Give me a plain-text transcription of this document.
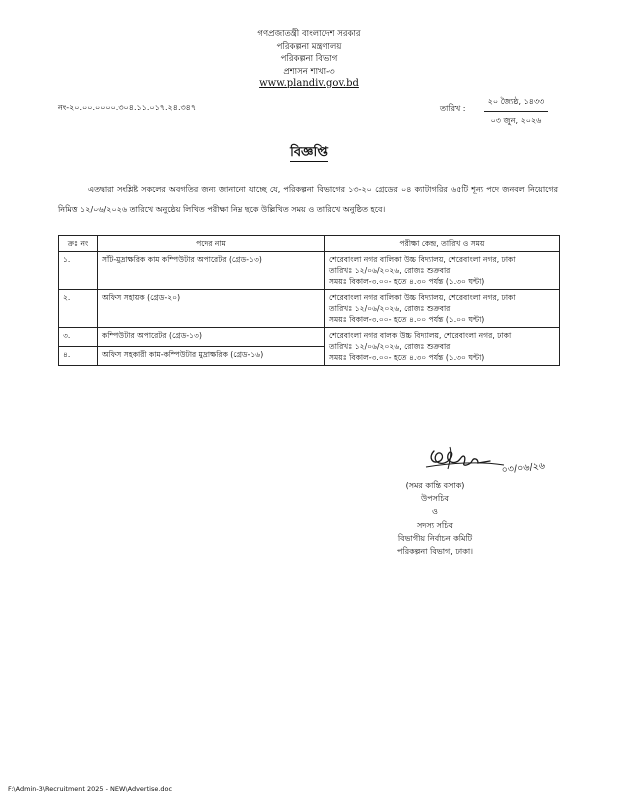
গণপ্রজাতন্ত্রী বাংলাদেশ সরকার
পরিকল্পনা মন্ত্রণালয়
পরিকল্পনা বিভাগ
প্রশাসন শাখা-৩
www.plandiv.gov.bd
নং-২০.০০.০০০০.৩০৪.১১.০১৭.২৪.৩৪৭	তারিখ :
২০ জ্যৈষ্ঠ, ১৪৩৩
০৩ জুন, ২০২৬
বিজ্ঞপ্তি
এতদ্বারা সংশ্লিষ্ট সকলের অবগতির জন্য জানানো যাচ্ছে যে, পরিকল্পনা বিভাগের ১৩-২০ গ্রেডের ০৪ ক্যাটাগরির ৬৫টি শূন্য পদে জনবল নিয়োগের নিমিত্ত ১২/০৬/২০২৬ তারিখে অনুষ্ঠেয় লিখিত পরীক্ষা নিম্ন ছকে উল্লিখিত সময় ও তারিখে অনুষ্ঠিত হবে।
ক্রঃ নং	পদের নাম	পরীক্ষা কেন্দ্র, তারিখ ও সময়
১.	সাঁট-মুদ্রাক্ষরিক কাম কম্পিউটার অপারেটর (গ্রেড-১৩)	শেরেবাংলা নগর বালিকা উচ্চ বিদ্যালয়, শেরেবাংলা নগর, ঢাকা
তারিখঃ ১২/০৬/২০২৬, রোজঃ শুক্রবার
সময়ঃ বিকাল-৩.০০- হতে ৪.৩০ পর্যন্ত (১.৩০ ঘন্টা)

২.	অফিস সহায়ক (গ্রেড-২০)	শেরেবাংলা নগর বালিকা উচ্চ বিদ্যালয়, শেরেবাংলা নগর, ঢাকা
তারিখঃ ১২/০৬/২০২৬, রোজঃ শুক্রবার
সময়ঃ বিকাল-৩.০০- হতে ৪.০০ পর্যন্ত (১.০০ ঘন্টা)

৩.	কম্পিউটার অপারেটর (গ্রেড-১৩)	শেরেবাংলা নগর বালক উচ্চ বিদ্যালয়, শেরেবাংলা নগর, ঢাকা
তারিখঃ ১২/০৬/২০২৬, রোজঃ শুক্রবার
সময়ঃ বিকাল-৩.০০- হতে ৪.৩০ পর্যন্ত (১.৩০ ঘন্টা)

৪.	অফিস সহকারী কাম-কম্পিউটার মুদ্রাক্ষরিক (গ্রেড-১৬)	
০৩/০৬/২৬
(সমর কান্তি বসাক)
উপসচিব
ও
সদস্য সচিব
বিভাগীয় নির্বাচন কমিটি
পরিকল্পনা বিভাগ, ঢাকা।
F:\Admin-3\Recruitment 2025 - NEW\Advertise.doc
